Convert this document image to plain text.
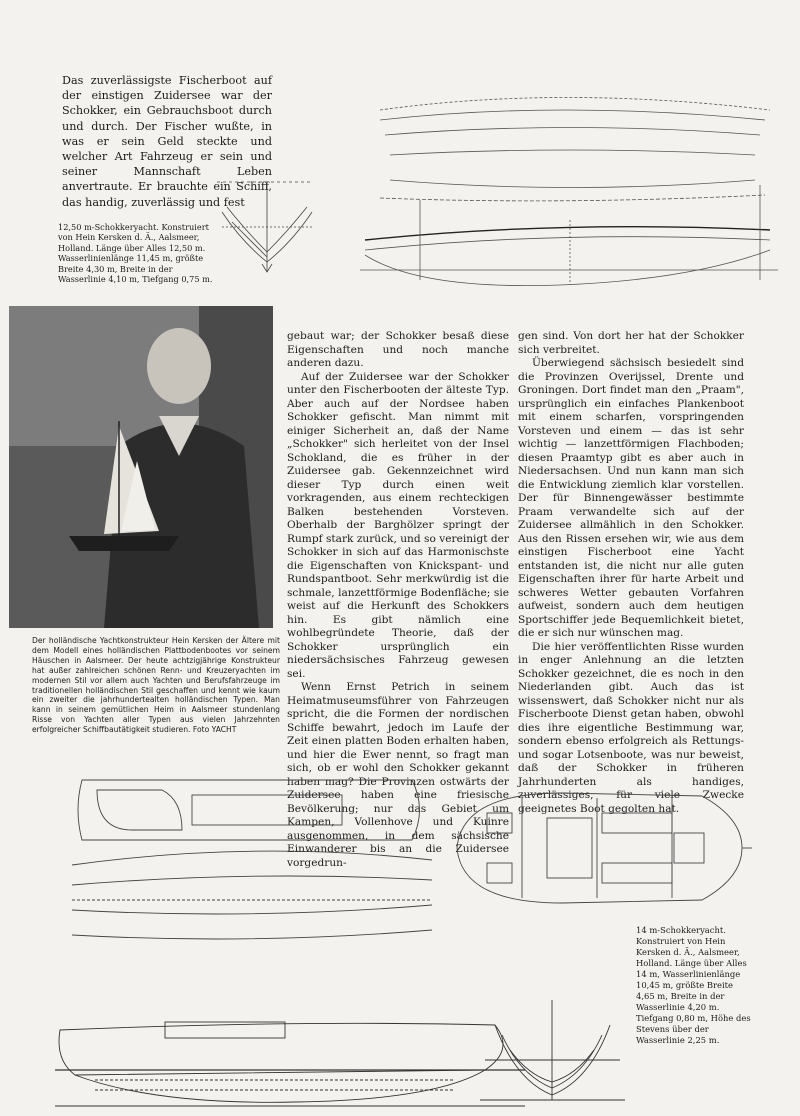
Das zuverlässigste Fischerboot auf der einstigen Zuidersee war der Schokker, ein Gebrauchsboot durch und durch. Der Fischer wußte, in was er sein Geld steckte und welcher Art Fahrzeug er sein und seiner Mannschaft Leben anvertraute. Er brauchte ein Schiff, das handig, zuverlässig und fest
12,50 m-Schokkeryacht. Konstruiert von Hein Kersken d. Ä., Aalsmeer, Holland. Länge über Alles 12,50 m. Wasserlinienlänge 11,45 m, größte Breite 4,30 m, Breite in der Wasserlinie 4,10 m, Tiefgang 0,75 m.
Der holländische Yachtkonstrukteur Hein Kersken der Ältere mit dem Modell eines holländischen Plattbodenbootes vor seinem Häuschen in Aalsmeer. Der heute achtzigjährige Konstrukteur hat außer zahlreichen schönen Renn- und Kreuzeryachten im modernen Stil vor allem auch Yachten und Berufsfahrzeuge im traditionellen holländischen Stil geschaffen und kennt wie kaum ein zweiter die jahrhundertealten holländischen Typen. Man kann in seinem gemütlichen Heim in Aalsmeer stundenlang Risse von Yachten aller Typen aus vielen Jahrzehnten erfolgreicher Schiffbautätigkeit studieren. Foto YACHT

gebaut war; der Schokker besaß diese Eigenschaften und noch manche anderen dazu.

Auf der Zuidersee war der Schokker unter den Fischerbooten der älteste Typ. Aber auch auf der Nordsee haben Schokker gefischt. Man nimmt mit einiger Sicherheit an, daß der Name „Schokker" sich herleitet von der Insel Schokland, die es früher in der Zuidersee gab. Gekennzeichnet wird dieser Typ durch einen weit vorkragenden, aus einem rechteckigen Balken bestehenden Vorsteven. Oberhalb der Barghölzer springt der Rumpf stark zurück, und so vereinigt der Schokker in sich auf das Harmonischste die Eigenschaften von Knickspant- und Rundspantboot. Sehr merkwürdig ist die schmale, lanzettförmige Bodenfläche; sie weist auf die Herkunft des Schokkers hin. Es gibt nämlich eine wohlbegründete Theorie, daß der Schokker ursprünglich ein niedersächsisches Fahrzeug gewesen sei.

Wenn Ernst Petrich in seinem Heimatmuseumsführer von Fahrzeugen spricht, die die Formen der nordischen Schiffe bewahrt, jedoch im Laufe der Zeit einen platten Boden erhalten haben, und hier die Ewer nennt, so fragt man sich, ob er wohl den Schokker gekannt haben mag? Die Provinzen ostwärts der Zuidersee haben eine friesische Bevölkerung; nur das Gebiet um Kampen, Vollenhove und Kuinre ausgenommen, in dem sächsische Einwanderer bis an die Zuidersee vorgedrun-

gen sind. Von dort her hat der Schokker sich verbreitet.

Überwiegend sächsisch besiedelt sind die Provinzen Overijssel, Drente und Groningen. Dort findet man den „Praam", ursprünglich ein einfaches Plankenboot mit einem scharfen, vorspringenden Vorsteven und einem — das ist sehr wichtig — lanzettförmigen Flachboden; diesen Praamtyp gibt es aber auch in Niedersachsen. Und nun kann man sich die Entwicklung ziemlich klar vorstellen. Der für Binnengewässer bestimmte Praam verwandelte sich auf der Zuidersee allmählich in den Schokker. Aus den Rissen ersehen wir, wie aus dem einstigen Fischerboot eine Yacht entstanden ist, die nicht nur alle guten Eigenschaften ihrer für harte Arbeit und schweres Wetter gebauten Vorfahren aufweist, sondern auch dem heutigen Sportschiffer jede Bequemlichkeit bietet, die er sich nur wünschen mag.

Die hier veröffentlichten Risse wurden in enger Anlehnung an die letzten Schokker gezeichnet, die es noch in den Niederlanden gibt. Auch das ist wissenswert, daß Schokker nicht nur als Fischerboote Dienst getan haben, obwohl dies ihre eigentliche Bestimmung war, sondern ebenso erfolgreich als Rettungs- und sogar Lotsenboote, was nur beweist, daß der Schokker in früheren Jahrhunderten als handiges, zuverlässiges, für viele Zwecke geeignetes Boot gegolten hat.

14 m-Schokkeryacht. Konstruiert von Hein Kersken d. Ä., Aalsmeer, Holland. Länge über Alles 14 m, Wasserlinienlänge 10,45 m, größte Breite 4,65 m, Breite in der Wasserlinie 4,20 m. Tiefgang 0,80 m, Höhe des Stevens über der Wasserlinie 2,25 m.
